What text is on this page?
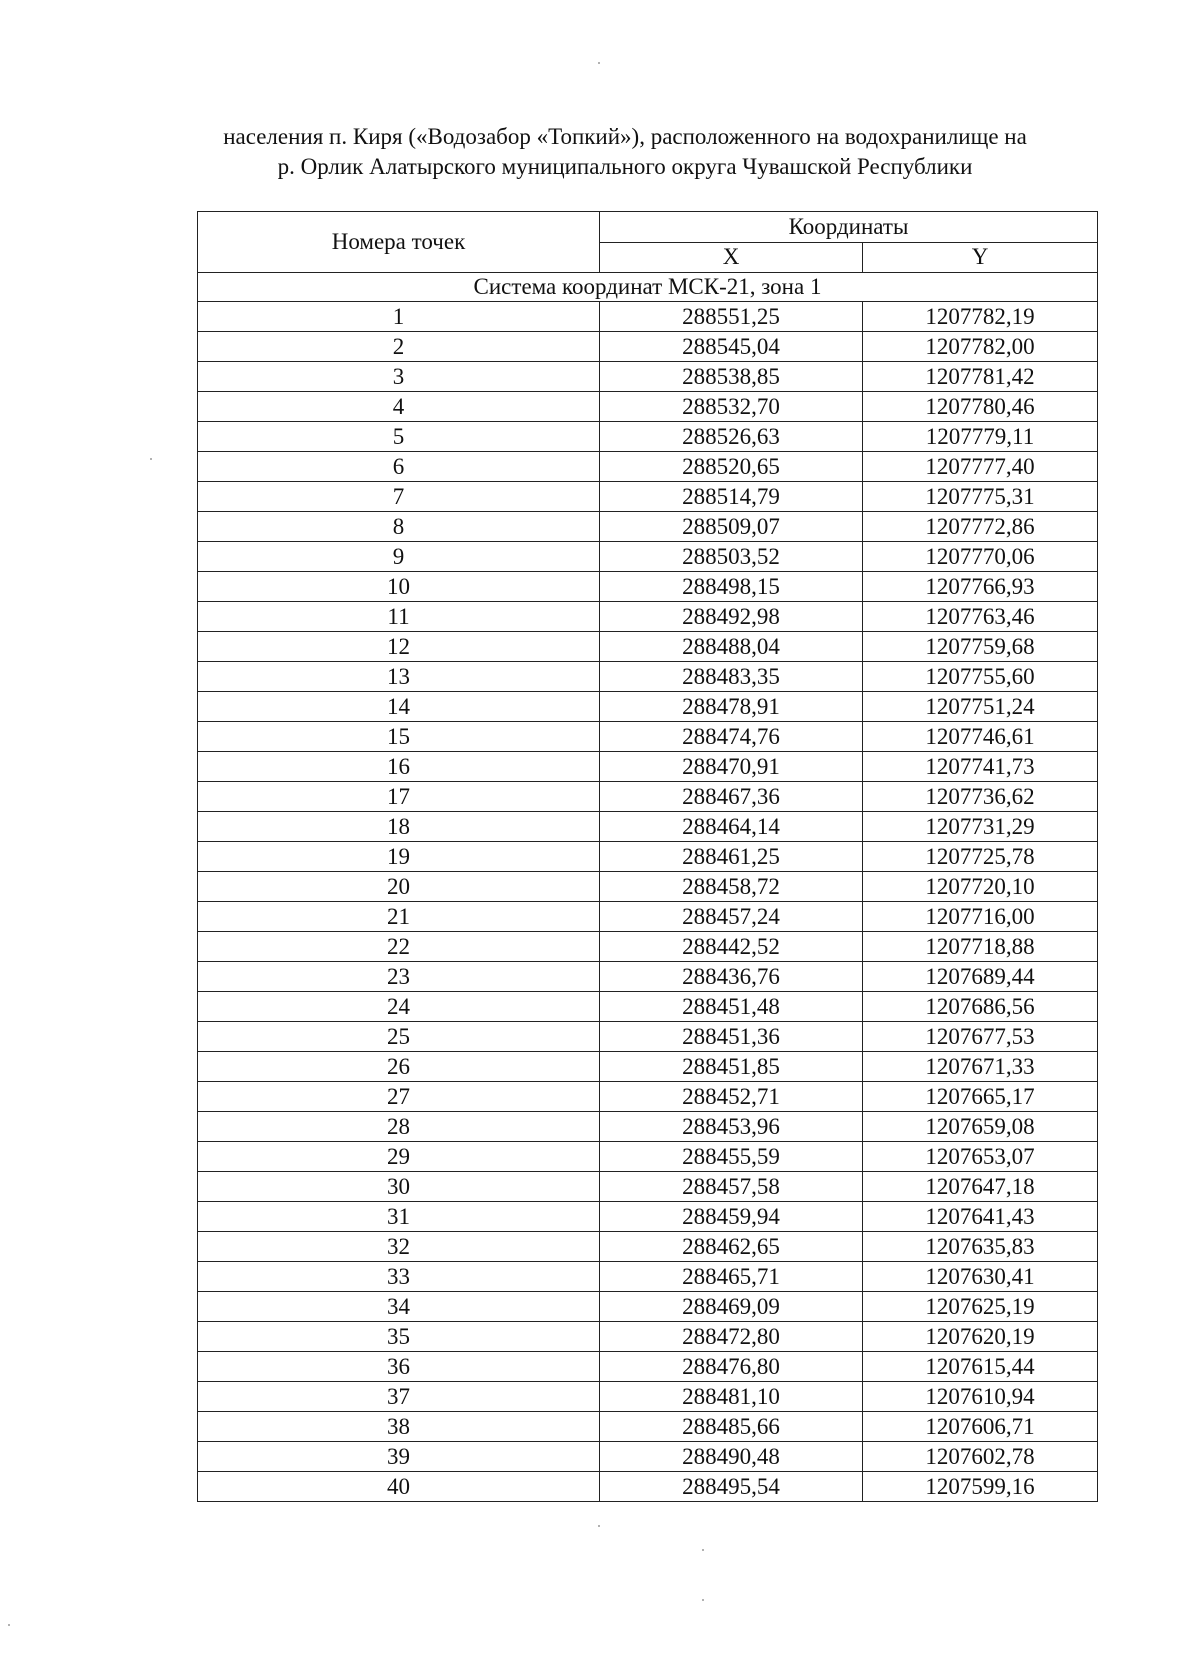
населения п. Киря («Водозабор «Топкий»), расположенного на водохранилище на
р. Орлик Алатырского муниципального округа Чувашской Республики
Номера точек	Координаты	
	X	Y
Система координат МСК-21, зона 1		
1	288551,25	1207782,19
2	288545,04	1207782,00
3	288538,85	1207781,42
4	288532,70	1207780,46
5	288526,63	1207779,11
6	288520,65	1207777,40
7	288514,79	1207775,31
8	288509,07	1207772,86
9	288503,52	1207770,06
10	288498,15	1207766,93
11	288492,98	1207763,46
12	288488,04	1207759,68
13	288483,35	1207755,60
14	288478,91	1207751,24
15	288474,76	1207746,61
16	288470,91	1207741,73
17	288467,36	1207736,62
18	288464,14	1207731,29
19	288461,25	1207725,78
20	288458,72	1207720,10
21	288457,24	1207716,00
22	288442,52	1207718,88
23	288436,76	1207689,44
24	288451,48	1207686,56
25	288451,36	1207677,53
26	288451,85	1207671,33
27	288452,71	1207665,17
28	288453,96	1207659,08
29	288455,59	1207653,07
30	288457,58	1207647,18
31	288459,94	1207641,43
32	288462,65	1207635,83
33	288465,71	1207630,41
34	288469,09	1207625,19
35	288472,80	1207620,19
36	288476,80	1207615,44
37	288481,10	1207610,94
38	288485,66	1207606,71
39	288490,48	1207602,78
40	288495,54	1207599,16
